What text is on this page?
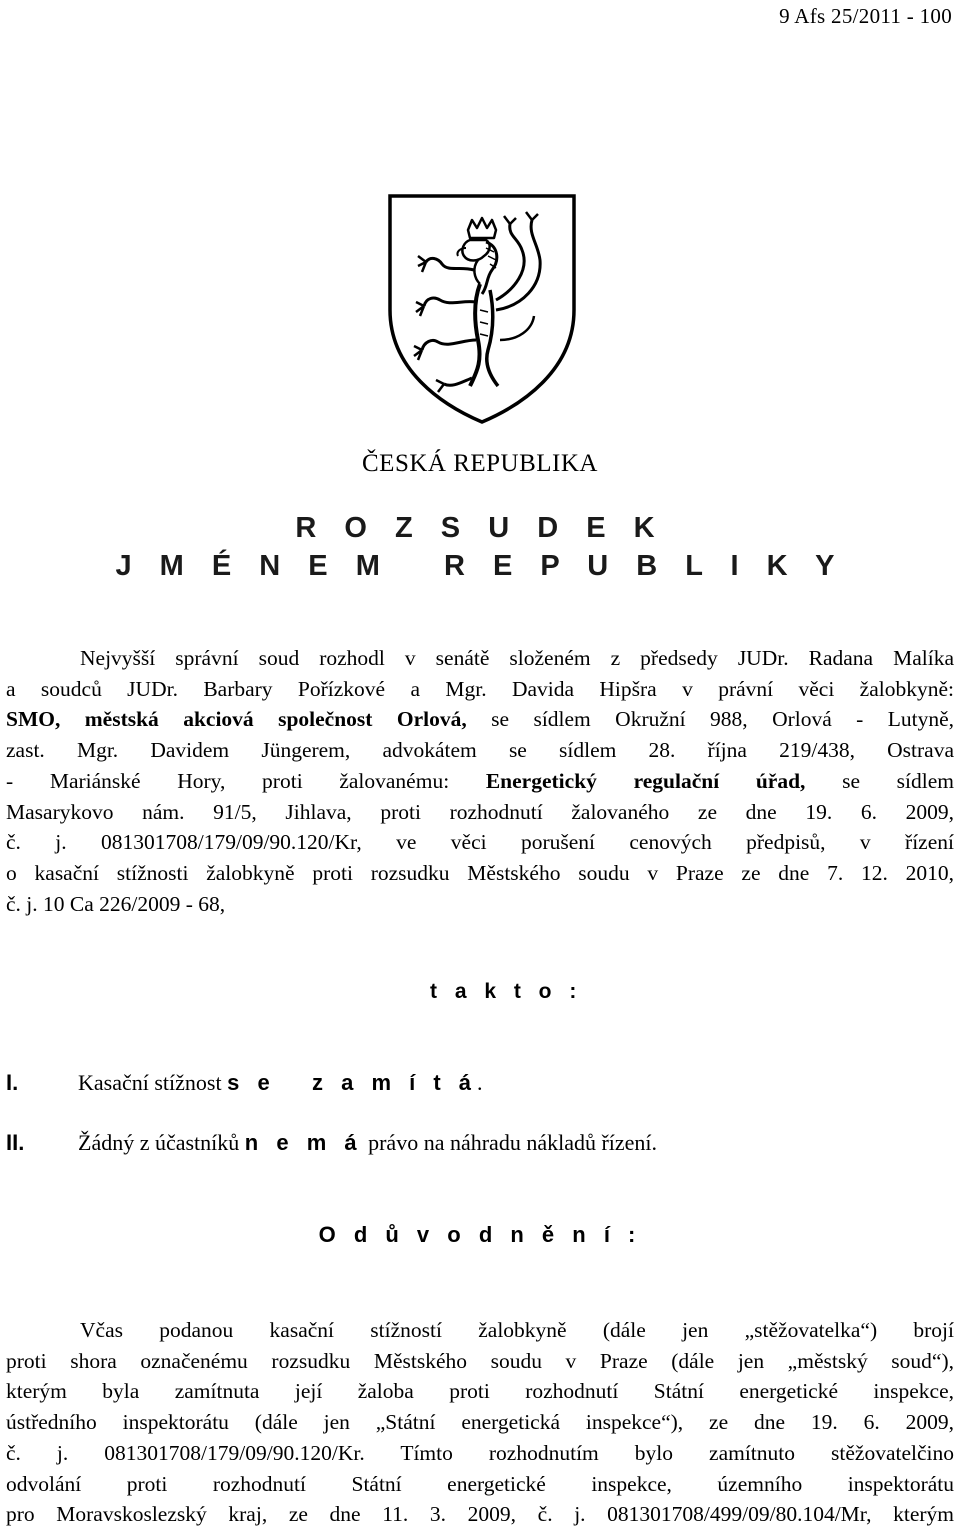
9 Afs 25/2011 - 100
ČESKÁ REPUBLIKA
R O Z S U D E K
J M É N E M   R E P U B L I K Y
Nejvyšší správní soud rozhodl v senátě složeném z předsedy JUDr. Radana Malíka
a soudců JUDr. Barbary Pořízkové a Mgr. Davida Hipšra v právní věci žalobkyně:
SMO, městská akciová společnost Orlová, se sídlem Okružní 988, Orlová - Lutyně,
zast. Mgr. Davidem Jüngerem, advokátem se sídlem 28. října 219/438, Ostrava
- Mariánské Hory, proti žalovanému: Energetický regulační úřad, se sídlem
Masarykovo nám. 91/5, Jihlava, proti rozhodnutí žalovaného ze dne 19. 6. 2009,
č. j. 081301708/179/09/90.120/Kr, ve věci porušení cenových předpisů, v řízení
o kasační stížnosti žalobkyně proti rozsudku Městského soudu v Praze ze dne 7. 12. 2010,
č. j. 10 Ca 226/2009 - 68,
t a k t o :
I.	Kasační stížnost s e   z a m í t á.
II. Žádný z účastníků n e m á právo na náhradu nákladů řízení.
O d ů v o d n ě n í :
Včas podanou kasační stížností žalobkyně (dále jen „stěžovatelka“) brojí
proti shora označenému rozsudku Městského soudu v Praze (dále jen „městský soud“),
kterým byla zamítnuta její žaloba proti rozhodnutí Státní energetické inspekce,
ústředního inspektorátu (dále jen „Státní energetická inspekce“), ze dne 19. 6. 2009,
č. j. 081301708/179/09/90.120/Kr. Tímto rozhodnutím bylo zamítnuto stěžovatelčino
odvolání proti rozhodnutí Státní energetické inspekce, územního inspektorátu
pro Moravskoslezský kraj, ze dne 11. 3. 2009, č. j. 081301708/499/09/80.104/Mr, kterým
